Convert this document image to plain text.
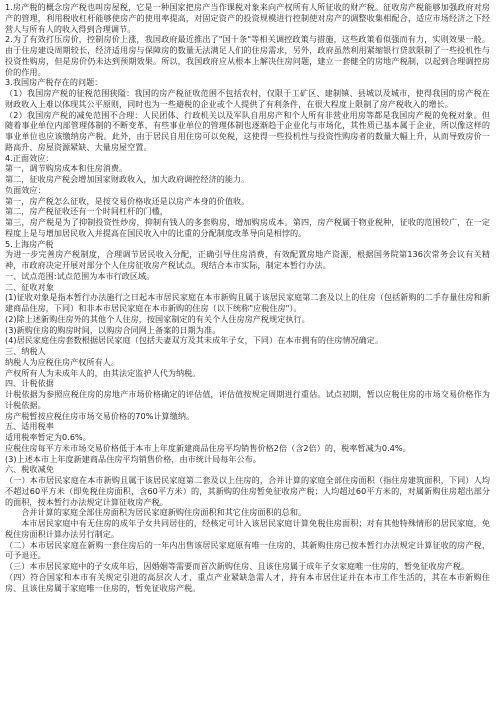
1.房产税的概念房产税也叫房屋税，它是一种国家把房产当作课税对象来向产权所有人所征收的财产税。征收房产税能够加强政府对房产的管理，利用税收杠杆能够使房产的使用率提高，对固定资产的投资规模进行控制使对房产的调整收集相配合，适应市场经济之下经营人与所有人的收入得到合理调节。

2.为了有效打压房价，控制房价上涨，我国政府最近推出了"国十条"等相关调控政策与措施，这些政策看似强而有力，实则效果一般。由于住房建设周期较长，经济适用房与保障房的数量无法满足人们的住房需求，另外，政府虽然利用紧缩银行贷款限制了一些投机性与投资性购房，但是房价仍未达到预期效果。所以，我国政府应从根本上解决住房问题，建立一套健全的房地产税制，以起到合理调控房价的作用。

3.我国房产税存在的问题：

（1）我国房产税的征税范围狭隘：我国的房产税征收范围不包括农村，仅限于工矿区、建制镇、县城以及城市，使得我国的房产税在财政收入上难以体现其公平原则，同时也为一些避税的企业或个人提供了有利条件，在很大程度上限制了房产税收入的增长。

（2）我国房产税的减免范围不合理：人民团体、行政机关以及军队自用房产和个人所有非营业用房等都是我国房产税的免税对象。但随着事业单位内部管理体制的不断变革，有些事业单位的管理体制也逐渐趋于企业化与市场化，其性质已基本属于企业，所以像这样的事业单位也应该缴纳房产税。此外，由于居民自用住房可以免税，这使得一些投机性与投资性购房者的数量大幅上升，从而导致房价一路高升、房屋资源紧缺、大量房屋空置。

4.正面效应：

第一，调节购房成本和住房消费。

第二，征收房产税会增加国家财政收入，加大政府调控经济的能力。

负面效应：

第一，房产税怎么征收，是按交易价格收还是以房产本身的价值收。

第二，房产税征收还有一个时间杠杆的门槛，

第三，房产税是为了抑制投资性炒房，抑制有钱人的多套购房，增加购房成本。第四，房产税属于物业税种，征收的范围较广，在一定程度上是与增加居民收入并提高在国民收入中的比重的分配制度改革导向是相悖的。

5.上海房产税

为进一步完善房产税制度，合理调节居民收入分配，正确引导住房消费，有效配置房地产资源，根据国务院第136次常务会议有关精神，市政府决定开展对部分个人住房征收房产税试点。现结合本市实际，制定本暂行办法。

一、试点范围:试点范围为本市行政区域。

二、征收对象

(1)征收对象是指本暂行办法施行之日起本市居民家庭在本市新购且属于该居民家庭第二套及以上的住房（包括新购的二手存量住房和新建商品住房，下同）和非本市居民家庭在本市新购的住房（以下统称"应税住房"）。

(2)除上述新购住房外的其他个人住房，按国家制定的有关个人住房房产税规定执行。

(3)新购住房的购房时间，以购房合同网上备案的日期为准。

(4)居民家庭住房套数根据居民家庭（包括夫妻双方及其未成年子女，下同）在本市拥有的住房情况确定。

三、纳税人

纳税人为应税住房产权所有人。

产权所有人为未成年人的，由其法定监护人代为纳税。

四、计税依据

计税依据为参照应税住房的房地产市场价格确定的评估值，评估值按规定周期进行重估。试点初期，暂以应税住房的市场交易价格作为计税依据。

房产税暂按应税住房市场交易价格的70%计算缴纳。

五、适用税率

适用税率暂定为0.6%。

应税住房每平方米市场交易价格低于本市上年度新建商品住房平均销售价格2倍（含2倍）的，税率暂减为0.4%。

(3)上述本市上年度新建商品住房平均销售价格，由市统计局每年公布。

六、税收减免

（一）本市居民家庭在本市新购且属于该居民家庭第二套及以上住房的，合并计算的家庭全部住房面积（指住房建筑面积，下同）人均不超过60平方米（即免税住房面积，含60平方米）的，其新购的住房暂免征收房产税；人均超过60平方米的，对属新购住房超出部分的面积，按本暂行办法规定计算征收房产税。

合并计算的家庭全部住房面积为居民家庭新购住房面积和其它住房面积的总和。

本市居民家庭中有无住房的成年子女共同居住的，经核定可计入该居民家庭计算免税住房面积；对有其他特殊情形的居民家庭，免税住房面积计算办法另行制定。

（二）本市居民家庭在新购一套住房后的一年内出售该居民家庭原有唯一住房的，其新购住房已按本暂行办法规定计算征收的房产税，可予退还。

（三）本市居民家庭中的子女成年后，因婚姻等需要而首次新购住房、且该住房属于成年子女家庭唯一住房的，暂免征收房产税。

（四）符合国家和本市有关规定引进的高层次人才、重点产业紧缺急需人才，持有本市居住证并在本市工作生活的，其在本市新购住房、且该住房属于家庭唯一住房的，暂免征收房产税。
